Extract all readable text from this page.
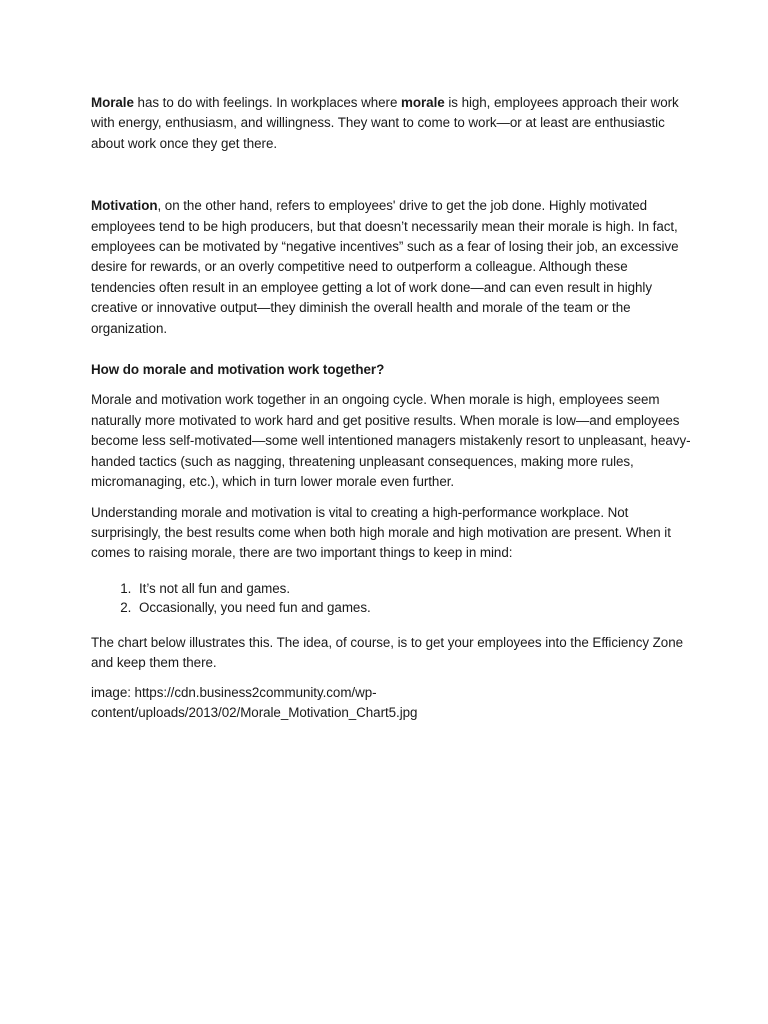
Morale has to do with feelings. In workplaces where morale is high, employees approach their work with energy, enthusiasm, and willingness. They want to come to work—or at least are enthusiastic about work once they get there.

Motivation, on the other hand, refers to employees' drive to get the job done. Highly motivated employees tend to be high producers, but that doesn’t necessarily mean their morale is high. In fact, employees can be motivated by “negative incentives” such as a fear of losing their job, an excessive desire for rewards, or an overly competitive need to outperform a colleague. Although these tendencies often result in an employee getting a lot of work done—and can even result in highly creative or innovative output—they diminish the overall health and morale of the team or the organization.

How do morale and motivation work together?

Morale and motivation work together in an ongoing cycle. When morale is high, employees seem naturally more motivated to work hard and get positive results. When morale is low—and employees become less self-motivated—some well intentioned managers mistakenly resort to unpleasant, heavy-handed tactics (such as nagging, threatening unpleasant consequences, making more rules, micromanaging, etc.), which in turn lower morale even further.

Understanding morale and motivation is vital to creating a high-performance workplace. Not surprisingly, the best results come when both high morale and high motivation are present. When it comes to raising morale, there are two important things to keep in mind:

1. It’s not all fun and games.
2. Occasionally, you need fun and games.

The chart below illustrates this. The idea, of course, is to get your employees into the Efficiency Zone and keep them there.

image: https://cdn.business2community.com/wp-content/uploads/2013/02/Morale_Motivation_Chart5.jpg
